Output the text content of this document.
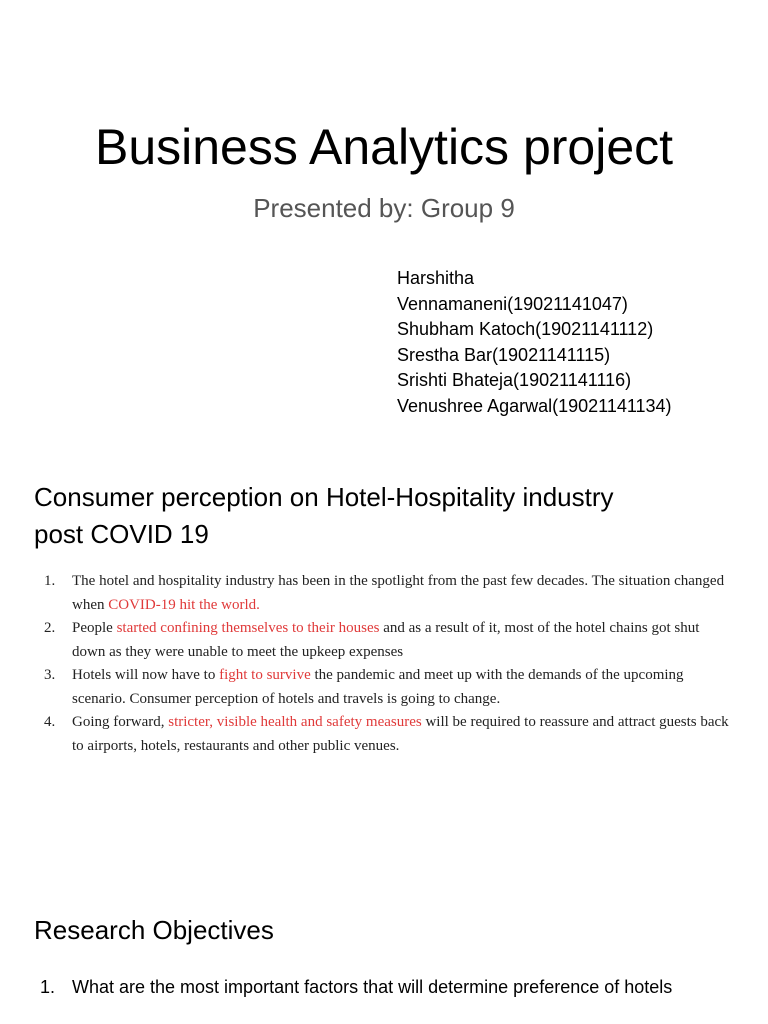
Business Analytics project
Presented by: Group 9
Harshitha
Vennamaneni(19021141047)
Shubham Katoch(19021141112)
Srestha Bar(19021141115)
Srishti Bhateja(19021141116)
Venushree Agarwal(19021141134)
Consumer perception on Hotel-Hospitality industry
post COVID 19
1. The hotel and hospitality industry has been in the spotlight from the past few decades. The situation changed when COVID-19 hit the world.
2. People started confining themselves to their houses and as a result of it, most of the hotel chains got shut down as they were unable to meet the upkeep expenses
3. Hotels will now have to fight to survive the pandemic and meet up with the demands of the upcoming scenario. Consumer perception of hotels and travels is going to change.
4. Going forward, stricter, visible health and safety measures will be required to reassure and attract guests back to airports, hotels, restaurants and other public venues.
Research Objectives
1. What are the most important factors that will determine preference of hotels
